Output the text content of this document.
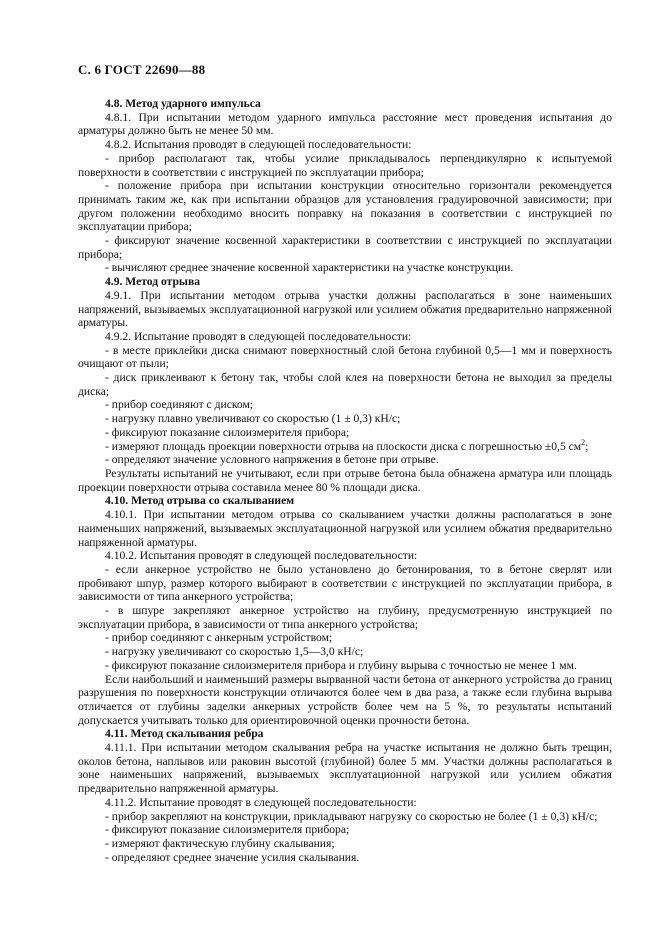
С. 6 ГОСТ 22690—88

4.8. Метод ударного импульса

4.8.1. При испытании методом ударного импульса расстояние мест проведения испытания до арматуры должно быть не менее 50 мм.

4.8.2. Испытания проводят в следующей последовательности:

- прибор располагают так, чтобы усилие прикладывалось перпендикулярно к испытуемой поверхности в соответствии с инструкцией по эксплуатации прибора;

- положение прибора при испытании конструкции относительно горизонтали рекомендуется принимать таким же, как при испытании образцов для установления градуировочной зависимости; при другом положении необходимо вносить поправку на показания в соответствии с инструкцией по эксплуатации прибора;

- фиксируют значение косвенной характеристики в соответствии с инструкцией по эксплуатации прибора;

- вычисляют среднее значение косвенной характеристики на участке конструкции.

4.9. Метод отрыва

4.9.1. При испытании методом отрыва участки должны располагаться в зоне наименьших напряжений, вызываемых эксплуатационной нагрузкой или усилием обжатия предварительно напряженной арматуры.

4.9.2. Испытание проводят в следующей последовательности:

- в месте приклейки диска снимают поверхностный слой бетона глубиной 0,5—1 мм и поверхность очищают от пыли;

- диск приклеивают к бетону так, чтобы слой клея на поверхности бетона не выходил за пределы диска;

- прибор соединяют с диском;

- нагрузку плавно увеличивают со скоростью (1 ± 0,3) кН/с;

- фиксируют показание силоизмерителя прибора;

- измеряют площадь проекции поверхности отрыва на плоскости диска с погрешностью ±0,5 $см^2$;

- определяют значение условного напряжения в бетоне при отрыве.

Результаты испытаний не учитывают, если при отрыве бетона была обнажена арматура или площадь проекции поверхности отрыва составила менее 80 % площади диска.

4.10. Метод отрыва со скалыванием

4.10.1. При испытании методом отрыва со скалыванием участки должны располагаться в зоне наименьших напряжений, вызываемых эксплуатационной нагрузкой или усилием обжатия предварительно напряженной арматуры.

4.10.2. Испытания проводят в следующей последовательности:

- если анкерное устройство не было установлено до бетонирования, то в бетоне сверлят или пробивают шпур, размер которого выбирают в соответствии с инструкцией по эксплуатации прибора, в зависимости от типа анкерного устройства;

- в шпуре закрепляют анкерное устройство на глубину, предусмотренную инструкцией по эксплуатации прибора, в зависимости от типа анкерного устройства;

- прибор соединяют с анкерным устройством;

- нагрузку увеличивают со скоростью 1,5—3,0 кН/с;

- фиксируют показание силоизмерителя прибора и глубину вырыва с точностью не менее 1 мм.

Если наибольший и наименьший размеры вырванной части бетона от анкерного устройства до границ разрушения по поверхности конструкции отличаются более чем в два раза, а также если глубина вырыва отличается от глубины заделки анкерных устройств более чем на 5 %, то результаты испытаний допускается учитывать только для ориентировочной оценки прочности бетона.

4.11. Метод скалывания ребра

4.11.1. При испытании методом скалывания ребра на участке испытания не должно быть трещин, околов бетона, наплывов или раковин высотой (глубиной) более 5 мм. Участки должны располагаться в зоне наименьших напряжений, вызываемых эксплуатационной нагрузкой или усилием обжатия предварительно напряженной арматуры.

4.11.2. Испытание проводят в следующей последовательности:

- прибор закрепляют на конструкции, прикладывают нагрузку со скоростью не более (1 ± 0,3) кН/с;

- фиксируют показание силоизмерителя прибора;

- измеряют фактическую глубину скалывания;

- определяют среднее значение усилия скалывания.
